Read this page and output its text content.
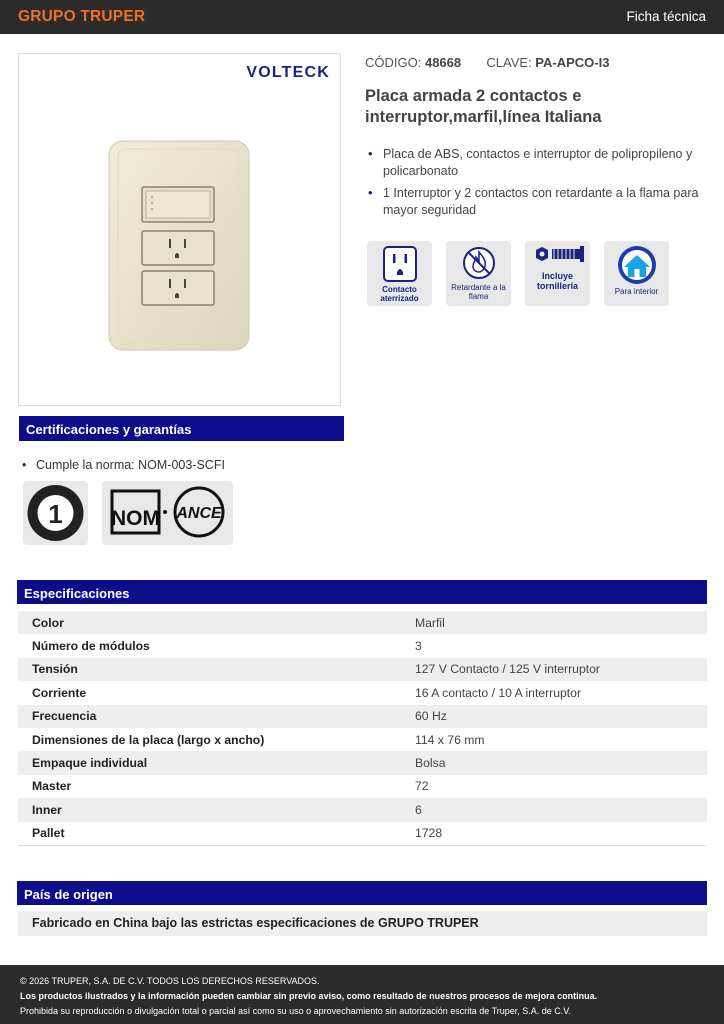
GRUPO TRUPER	Ficha técnica
VOLTECK
CÓDIGO: 48668 CLAVE: PA-APCO-I3
Placa armada 2 contactos e interruptor,marfil,línea Italiana
• Placa de ABS, contactos e interruptor de polipropileno y policarbonato
• 1 Interruptor y 2 contactos con retardante a la flama para mayor seguridad
Contacto aterrizado
Retardante a la flama
Incluye tornillería
Para interior
Certificaciones y garantías
• Cumple la norma: NOM-003-SCFI
1 NOM ANCE
Especificaciones
Color	Marfil
Número de módulos	3
Tensión	127 V Contacto / 125 V interruptor
Corriente	16 A contacto / 10 A interruptor
Frecuencia	60 Hz
Dimensiones de la placa (largo x ancho)	114 x 76 mm
Empaque individual	Bolsa
Master	72
Inner	6
Pallet	1728
País de origen
Fabricado en China bajo las estrictas especificaciones de GRUPO TRUPER
© 2026 TRUPER, S.A. DE C.V. TODOS LOS DERECHOS RESERVADOS.
Los productos ilustrados y la información pueden cambiar sin previo aviso, como resultado de nuestros procesos de mejora continua.
Prohibida su reproducción o divulgación total o parcial así como su uso o aprovechamiento sin autorización escrita de Truper, S.A. de C.V.
